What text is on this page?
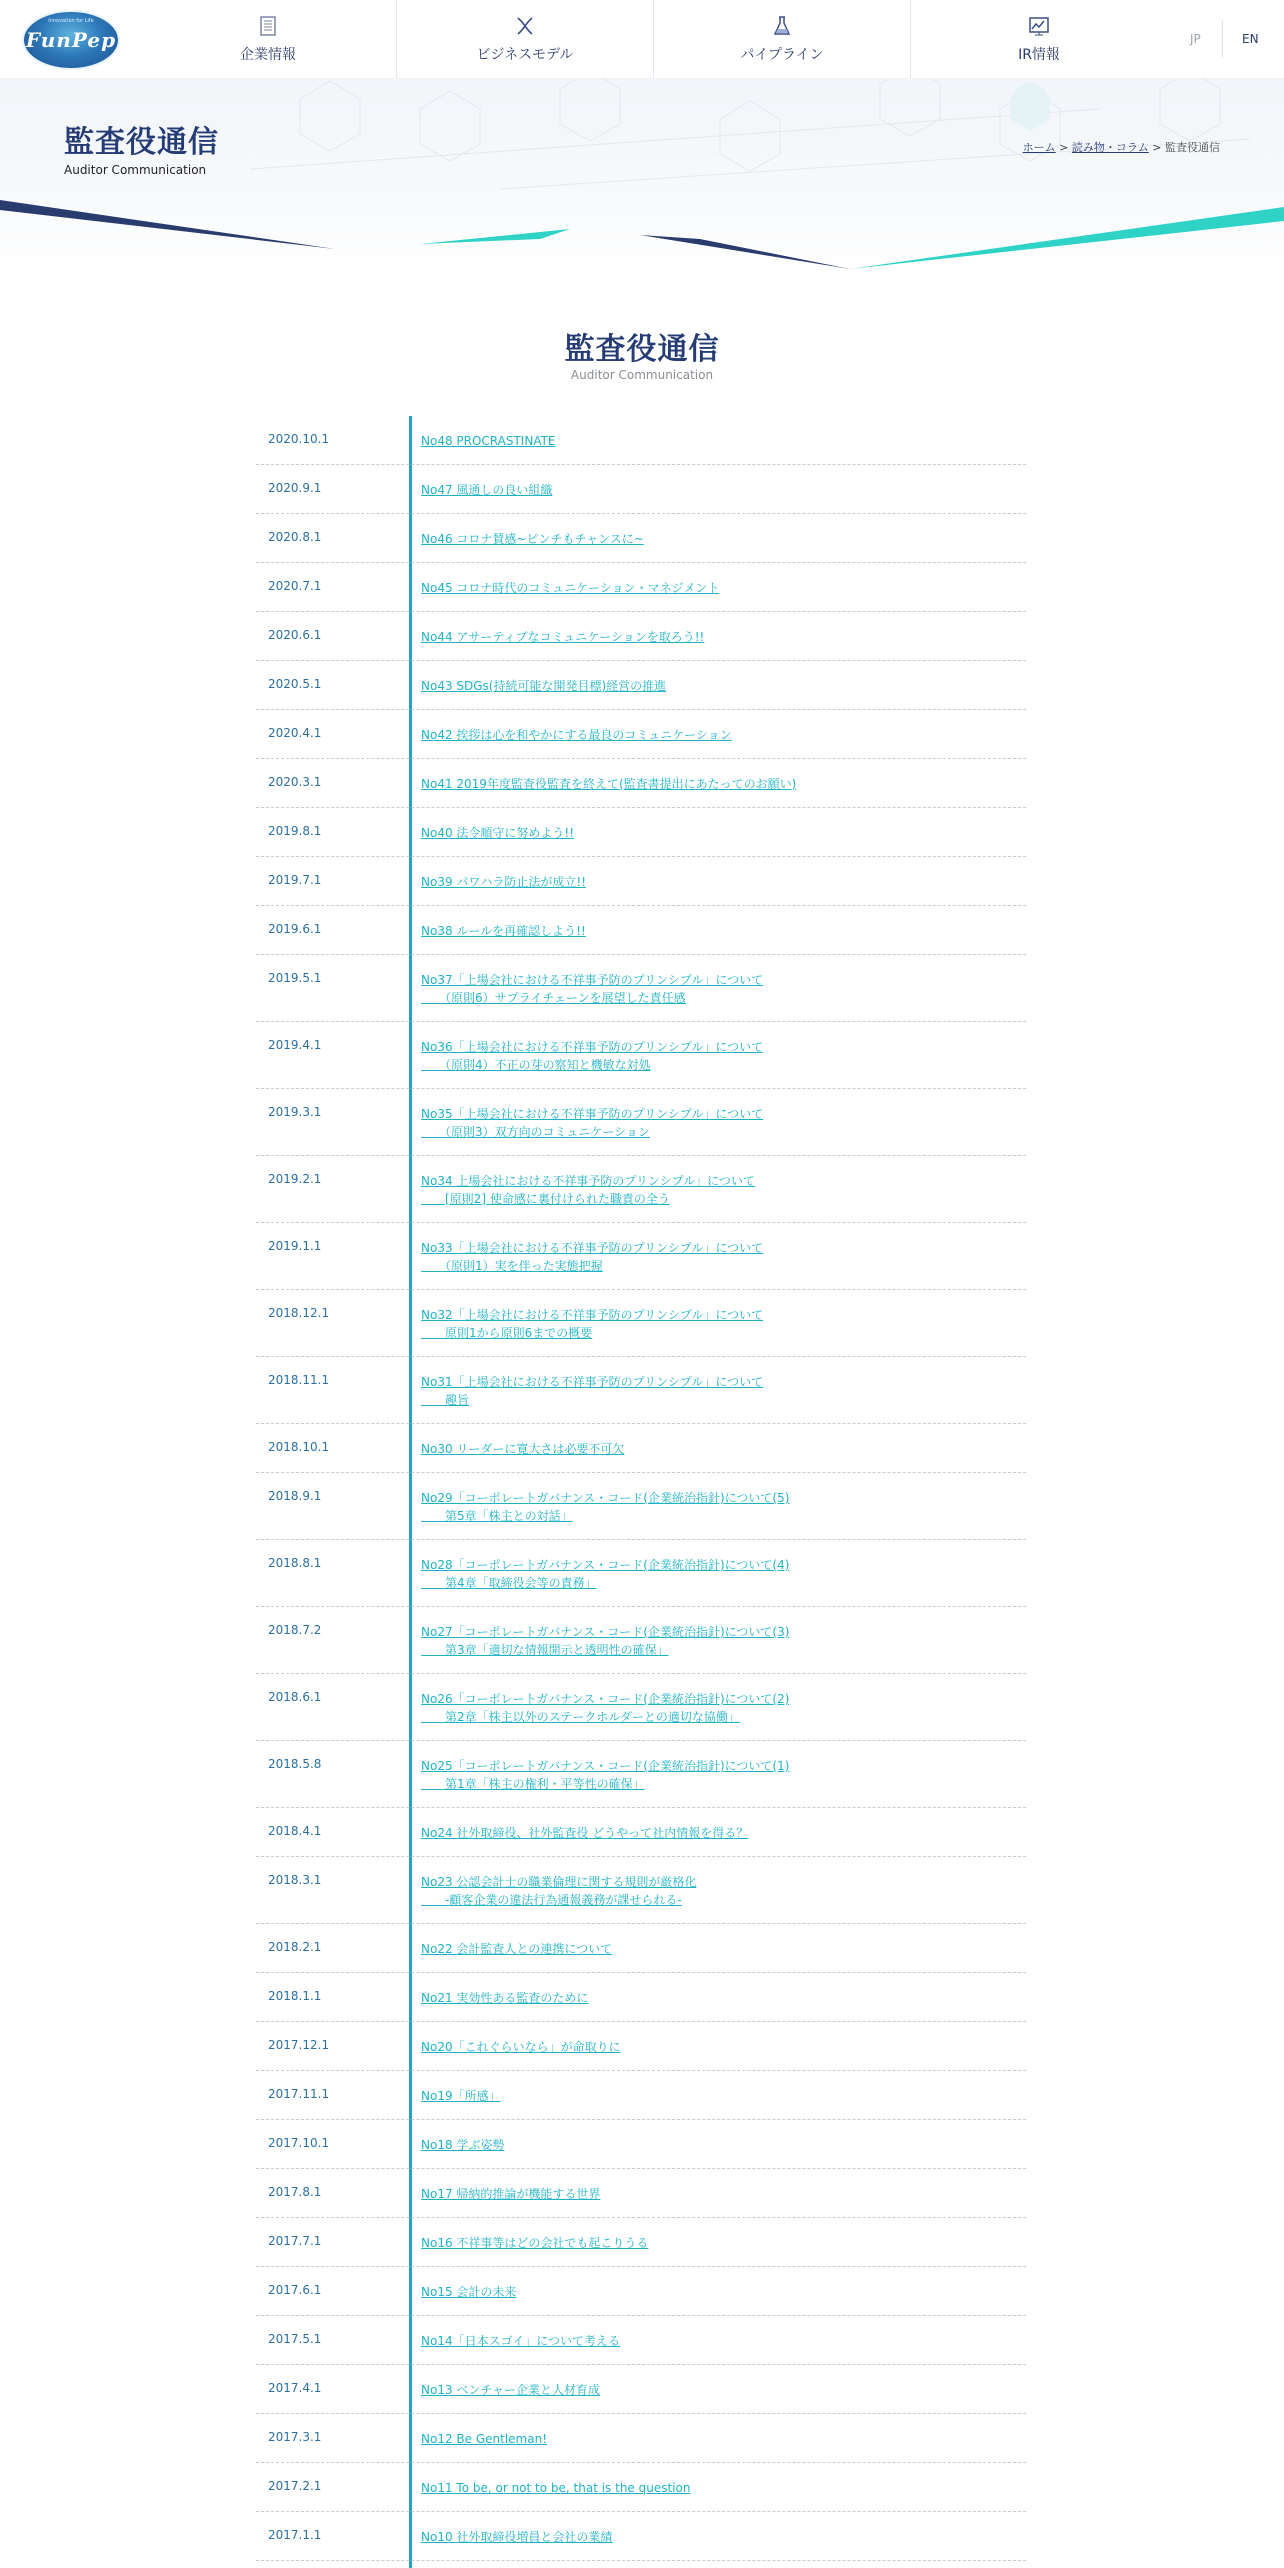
Innovation for Life
FunPep
企業情報	ビジネスモデル	パイプライン	IR情報
JP	EN
監査役通信
Auditor Communication
ホーム > 読み物・コラム > 監査役通信
監査役通信
Auditor Communication
2020.10.1	No48 PROCRASTINATE
2020.9.1	No47 風通しの良い組織
2020.8.1	No46 コロナ賛感~ピンチもチャンスに~
2020.7.1	No45 コロナ時代のコミュニケーション・マネジメント
2020.6.1	No44 アサーティブなコミュニケーションを取ろう!!
2020.5.1	No43 SDGs(持続可能な開発目標)経営の推進
2020.4.1	No42 挨拶は心を和やかにする最良のコミュニケーション
2020.3.1	No41 2019年度監査役監査を終えて(監査書提出にあたってのお願い)
2019.8.1	No40 法令順守に努めよう!!
2019.7.1	No39 パワハラ防止法が成立!!
2019.6.1	No38 ルールを再確認しよう!!
2019.5.1	No37「上場会社における不祥事予防のプリンシプル」について
　　（原則6）サプライチェーンを展望した責任感
2019.4.1	No36「上場会社における不祥事予防のプリンシプル」について
　　（原則4）不正の芽の察知と機敏な対処
2019.3.1	No35「上場会社における不祥事予防のプリンシプル」について
　　（原則3）双方向のコミュニケーション
2019.2.1	No34 上場会社における不祥事予防のプリンシプル」について
　　[原則2] 使命感に裏付けられた職責の全う
2019.1.1	No33「上場会社における不祥事予防のプリンシプル」について
　　（原則1）実を伴った実態把握
2018.12.1	No32「上場会社における不祥事予防のプリンシプル」について
　　原則1から原則6までの概要
2018.11.1	No31「上場会社における不祥事予防のプリンシプル」について
　　趣旨
2018.10.1	No30 リーダーに寛大さは必要不可欠
2018.9.1	No29「コーポレートガバナンス・コード(企業統治指針)について(5)
　　第5章「株主との対話」
2018.8.1	No28「コーポレートガバナンス・コード(企業統治指針)について(4)
　　第4章「取締役会等の責務」
2018.7.2	No27「コーポレートガバナンス・コード(企業統治指針)について(3)
　　第3章「適切な情報開示と透明性の確保」
2018.6.1	No26「コーポレートガバナンス・コード(企業統治指針)について(2)
　　第2章「株主以外のステークホルダーとの適切な協働」
2018.5.8	No25「コーポレートガバナンス・コード(企業統治指針)について(1)
　　第1章「株主の権利・平等性の確保」
2018.4.1	No24 社外取締役、社外監査役 どうやって社内情報を得る？
2018.3.1	No23 公認会計士の職業倫理に関する規則が厳格化
　　-顧客企業の違法行為通報義務が課せられる-
2018.2.1	No22 会計監査人との連携について
2018.1.1	No21 実効性ある監査のために
2017.12.1	No20「これぐらいなら」が命取りに
2017.11.1	No19「所感」
2017.10.1	No18 学ぶ姿勢
2017.8.1	No17 帰納的推論が機能する世界
2017.7.1	No16 不祥事等はどの会社でも起こりうる
2017.6.1	No15 会計の未来
2017.5.1	No14「日本スゴイ」について考える
2017.4.1	No13 ベンチャー企業と人材育成
2017.3.1	No12 Be Gentleman!
2017.2.1	No11 To be, or not to be, that is the question
2017.1.1	No10 社外取締役増員と会社の業績
